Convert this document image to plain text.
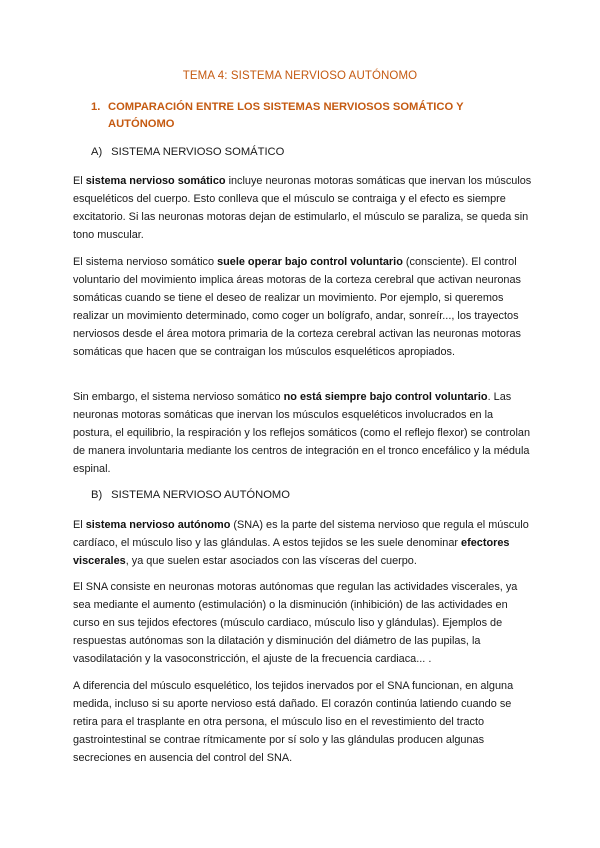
TEMA 4: SISTEMA NERVIOSO AUTÓNOMO
1. COMPARACIÓN ENTRE LOS SISTEMAS NERVIOSOS SOMÁTICO Y AUTÓNOMO
A) SISTEMA NERVIOSO SOMÁTICO
El sistema nervioso somático incluye neuronas motoras somáticas que inervan los músculos esqueléticos del cuerpo. Esto conlleva que el músculo se contraiga y el efecto es siempre excitatorio. Si las neuronas motoras dejan de estimularlo, el músculo se paraliza, se queda sin tono muscular.
El sistema nervioso somático suele operar bajo control voluntario (consciente). El control voluntario del movimiento implica áreas motoras de la corteza cerebral que activan neuronas somáticas cuando se tiene el deseo de realizar un movimiento. Por ejemplo, si queremos realizar un movimiento determinado, como coger un bolígrafo, andar, sonreír..., los trayectos nerviosos desde el área motora primaria de la corteza cerebral activan las neuronas motoras somáticas que hacen que se contraigan los músculos esqueléticos apropiados.
Sin embargo, el sistema nervioso somático no está siempre bajo control voluntario. Las neuronas motoras somáticas que inervan los músculos esqueléticos involucrados en la postura, el equilibrio, la respiración y los reflejos somáticos (como el reflejo flexor) se controlan de manera involuntaria mediante los centros de integración en el tronco encefálico y la médula espinal.
B) SISTEMA NERVIOSO AUTÓNOMO
El sistema nervioso autónomo (SNA) es la parte del sistema nervioso que regula el músculo cardíaco, el músculo liso y las glándulas. A estos tejidos se les suele denominar efectores viscerales, ya que suelen estar asociados con las vísceras del cuerpo.
El SNA consiste en neuronas motoras autónomas que regulan las actividades viscerales, ya sea mediante el aumento (estimulación) o la disminución (inhibición) de las actividades en curso en sus tejidos efectores (músculo cardiaco, músculo liso y glándulas). Ejemplos de respuestas autónomas son la dilatación y disminución del diámetro de las pupilas, la vasodilatación y la vasoconstricción, el ajuste de la frecuencia cardiaca... .
A diferencia del músculo esquelético, los tejidos inervados por el SNA funcionan, en alguna medida, incluso si su aporte nervioso está dañado. El corazón continúa latiendo cuando se retira para el trasplante en otra persona, el músculo liso en el revestimiento del tracto gastrointestinal se contrae rítmicamente por sí solo y las glándulas producen algunas secreciones en ausencia del control del SNA.
